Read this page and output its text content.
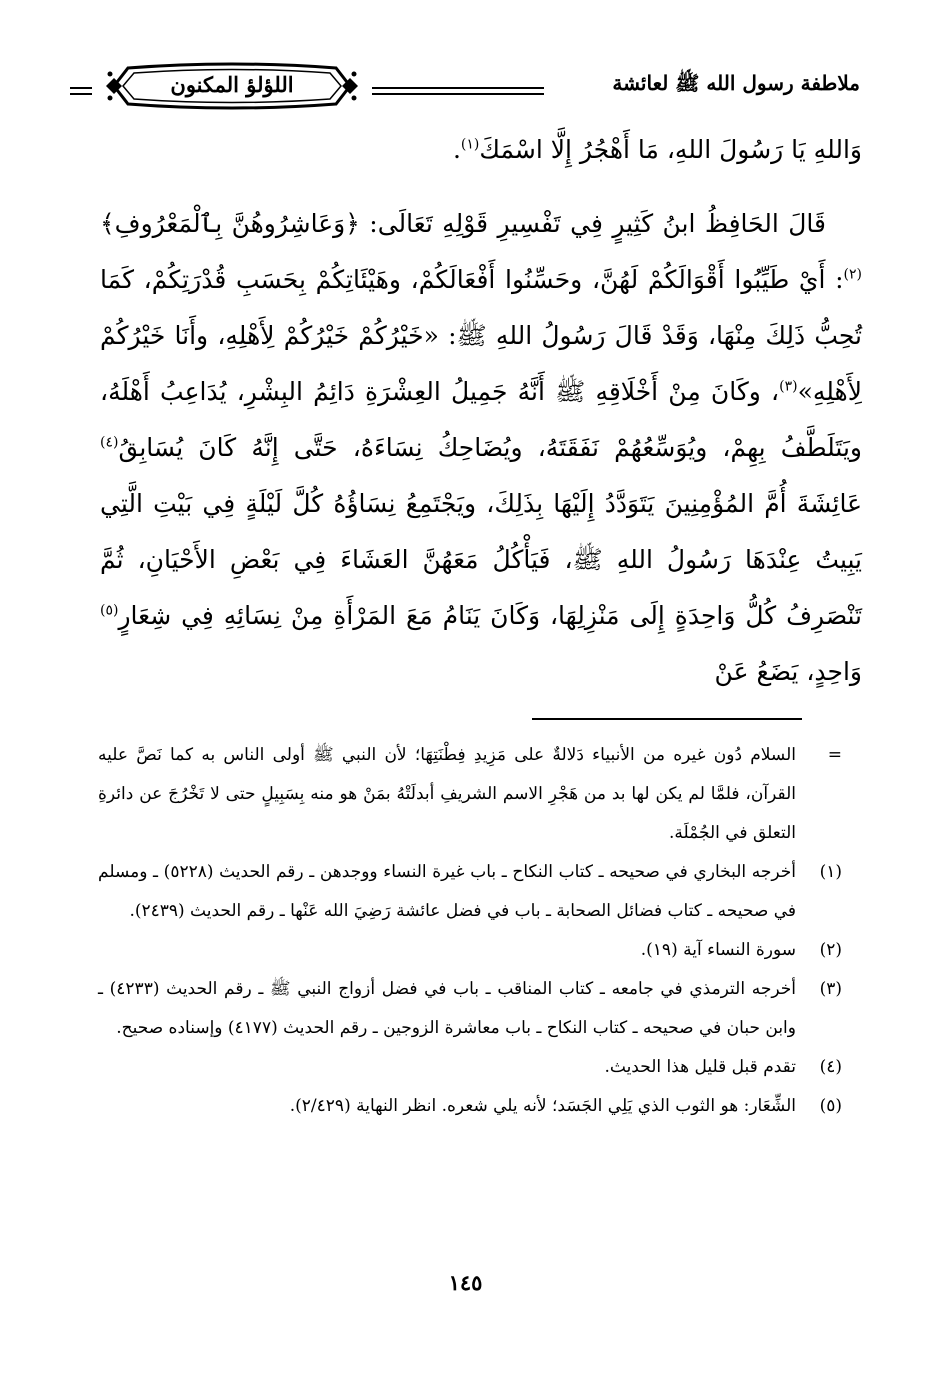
اللؤلؤ المكنون	ملاطفة رسول الله ﷺ لعائشة

وَاللهِ يَا رَسُولَ اللهِ، مَا أَهْجُرُ إِلَّا اسْمَكَ$^{(١)}$.

قَالَ الحَافِظُ ابنُ كَثِيرٍ فِي تَفْسِيرِ قَوْلِهِ تَعَالَى: ﴿وَعَاشِرُوهُنَّ بِٱلْمَعْرُوفِ﴾$^{(٢)}$: أَيْ طَيِّبُوا أَقْوَالَكُمْ لَهُنَّ، وحَسِّنُوا أَفْعَالَكُمْ، وهَيْئَاتِكُمْ بِحَسَبِ قُدْرَتِكُمْ، كَمَا تُحِبُّ ذَلِكَ مِنْهَا، وَقَدْ قَالَ رَسُولُ اللهِ ﷺ: «خَيْرُكُمْ خَيْرُكُمْ لِأَهْلِهِ، وأَنَا خَيْرُكُمْ لِأَهْلِهِ»$^{(٣)}$، وكَانَ مِنْ أَخْلَاقِهِ ﷺ أَنَّهُ جَمِيلُ العِشْرَةِ دَائِمُ البِشْرِ، يُدَاعِبُ أَهْلَهُ، ويَتَلَطَّفُ بِهِمْ، ويُوَسِّعُهُمْ نَفَقَتَهُ، ويُضَاحِكُ نِسَاءَهُ، حَتَّى إِنَّهُ كَانَ يُسَابِقُ$^{(٤)}$ عَائِشَةَ أُمَّ المُؤْمِنِينَ يَتَوَدَّدُ إِلَيْهَا بِذَلِكَ، ويَجْتَمِعُ نِسَاؤُهُ كُلَّ لَيْلَةٍ فِي بَيْتِ الَّتِي يَبِيتُ عِنْدَهَا رَسُولُ اللهِ ﷺ، فَيَأْكُلُ مَعَهُنَّ العَشَاءَ فِي بَعْضِ الأَحْيَانِ، ثُمَّ تَنْصَرِفُ كُلُّ وَاحِدَةٍ إِلَى مَنْزِلِهَا، وَكَانَ يَنَامُ مَعَ المَرْأَةِ مِنْ نِسَائِهِ فِي شِعَارٍ$^{(٥)}$ وَاحِدٍ، يَضَعُ عَنْ

=
السلام دُون غيره من الأنبياء دَلالةٌ على مَزِيدِ فِطْنَتِهَا؛ لأن النبي ﷺ أولى الناس به كما نَصَّ عليه القرآن، فلمَّا لم يكن لها بد من هَجْرِ الاسم الشريفِ أبدلَتْهُ بمَنْ هو منه بِسَبِيلٍ حتى لا تَخْرُجَ عن دائرةِ التعلق في الجُمْلَة.
(١)
أخرجه البخاري في صحيحه ـ كتاب النكاح ـ باب غيرة النساء ووجدهن ـ رقم الحديث (٥٢٢٨) ـ ومسلم في صحيحه ـ كتاب فضائل الصحابة ـ باب في فضل عائشة رَضِيَ الله عَنْها ـ رقم الحديث (٢٤٣٩).
(٢)
سورة النساء آية (١٩).
(٣)
أخرجه الترمذي في جامعه ـ كتاب المناقب ـ باب في فضل أزواج النبي ﷺ ـ رقم الحديث (٤٢٣٣) ـ وابن حبان في صحيحه ـ كتاب النكاح ـ باب معاشرة الزوجين ـ رقم الحديث (٤١٧٧) وإسناده صحيح.
(٤)
تقدم قبل قليل هذا الحديث.
(٥)
الشِّعَار: هو الثوب الذي يَلِي الجَسَد؛ لأنه يلي شعره. انظر النهاية (٢/٤٢٩).
١٤٥
